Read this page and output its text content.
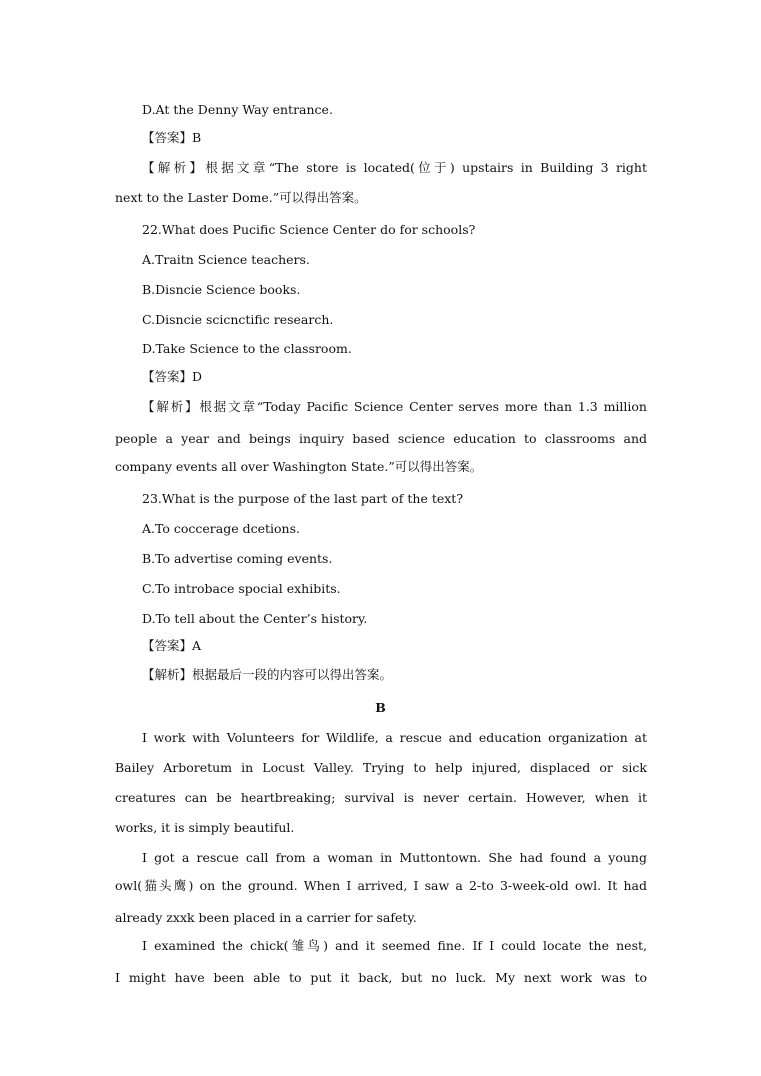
D.At the Denny Way entrance.
【答案】B
【解析】根据文章“The store is located(位于) upstairs in Building 3 right
next to the Laster Dome.”可以得出答案。
22.What does Pucific Science Center do for schools?
A.Traitn Science teachers.
B.Disncie Science books.
C.Disncie scicnctific research.
D.Take Science to the classroom.
【答案】D
【解析】根据文章“Today Pacific Science Center serves more than 1.3 million
people a year and beings inquiry based science education to classrooms and
company events all over Washington State.”可以得出答案。
23.What is the purpose of the last part of the text?
A.To coccerage dcetions.
B.To advertise coming events.
C.To introbace spocial exhibits.
D.To tell about the Center’s history.
【答案】A
【解析】根据最后一段的内容可以得出答案。
B
I work with Volunteers for Wildlife, a rescue and education organization at
Bailey Arboretum in Locust Valley. Trying to help injured, displaced or sick
creatures can be heartbreaking; survival is never certain. However, when it
works, it is simply beautiful.
I got a rescue call from a woman in Muttontown. She had found a young
owl(猫头鹰) on the ground. When I arrived, I saw a 2-to 3-week-old owl. It had
already zxxk been placed in a carrier for safety.
I examined the chick(雏鸟) and it seemed fine. If I could locate the nest,
I might have been able to put it back, but no luck. My next work was to
